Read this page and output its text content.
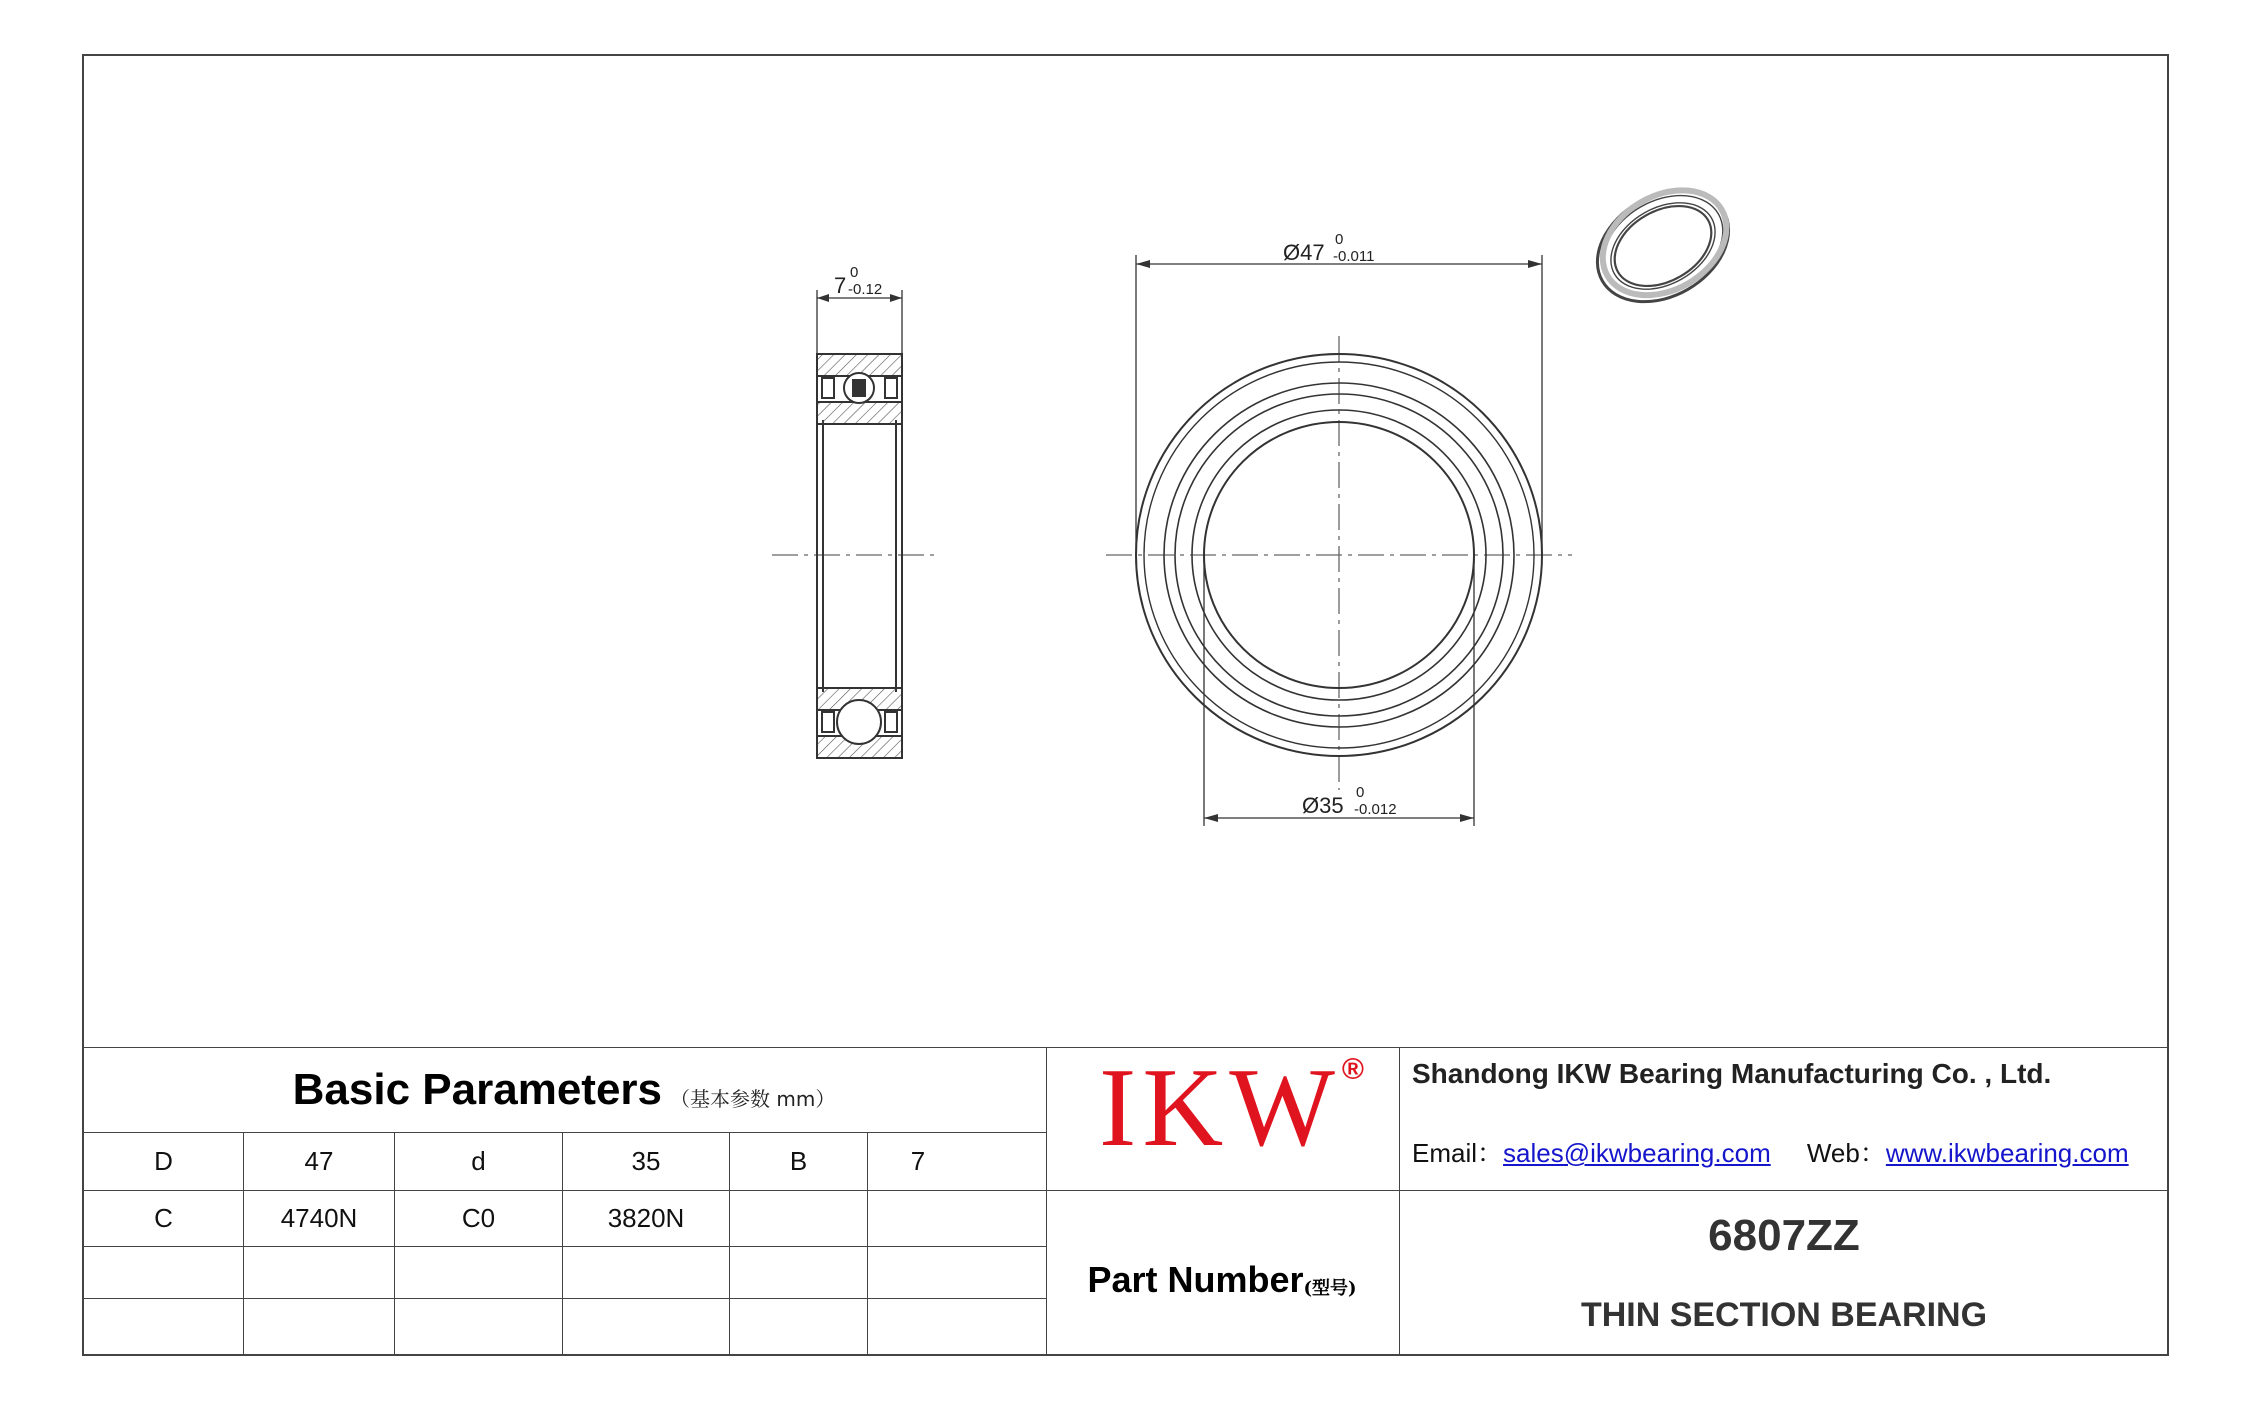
7
0
-0.12
Ø47
0
-0.011
Ø35
0
-0.012
Basic Parameters （基本参数 mm）
D	47	d	35	B	7
C	4740N	C0	3820N
IKW ® Shandong IKW Bearing Manufacturing Co. , Ltd.
Email：sales@ikwbearing.com Web：www.ikwbearing.com
Part Number (型号)
6807ZZ
THIN SECTION BEARING
